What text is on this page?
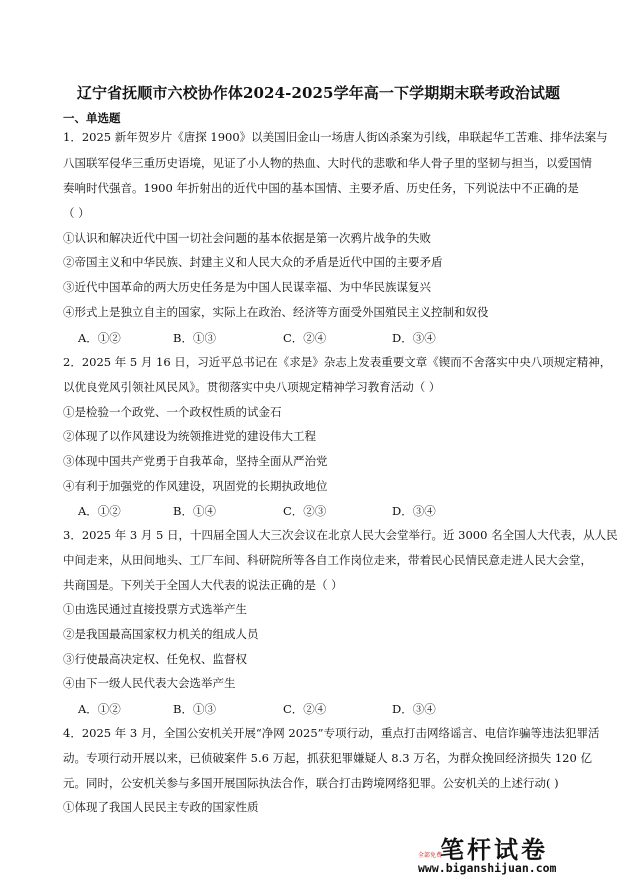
辽宁省抚顺市六校协作体2024-2025学年高一下学期期末联考政治试题
一、单选题
1．2025 新年贺岁片《唐探 1900》以美国旧金山一场唐人街凶杀案为引线，串联起华工苦难、排华法案与
八国联军侵华三重历史语境，见证了小人物的热血、大时代的悲歌和华人骨子里的坚韧与担当，以爱国情
奏响时代强音。1900 年折射出的近代中国的基本国情、主要矛盾、历史任务，下列说法中不正确的是
（ ）
①认识和解决近代中国一切社会问题的基本依据是第一次鸦片战争的失败
②帝国主义和中华民族、封建主义和人民大众的矛盾是近代中国的主要矛盾
③近代中国革命的两大历史任务是为中国人民谋幸福、为中华民族谋复兴
④形式上是独立自主的国家，实际上在政治、经济等方面受外国殖民主义控制和奴役
A．①②	B．①③	C．②④	D．③④
2．2025 年 5 月 16 日，习近平总书记在《求是》杂志上发表重要文章《锲而不舍落实中央八项规定精神，
以优良党风引领社风民风》。贯彻落实中央八项规定精神学习教育活动（ ）
①是检验一个政党、一个政权性质的试金石
②体现了以作风建设为统领推进党的建设伟大工程
③体现中国共产党勇于自我革命，坚持全面从严治党
④有利于加强党的作风建设，巩固党的长期执政地位
A．①②	B．①④	C．②③	D．③④
3．2025 年 3 月 5 日，十四届全国人大三次会议在北京人民大会堂举行。近 3000 名全国人大代表，从人民
中间走来，从田间地头、工厂车间、科研院所等各自工作岗位走来，带着民心民情民意走进人民大会堂，
共商国是。下列关于全国人大代表的说法正确的是（ ）
①由选民通过直接投票方式选举产生
②是我国最高国家权力机关的组成人员
③行使最高决定权、任免权、监督权
④由下一级人民代表大会选举产生
A．①②	B．①③	C．②④	D．③④
4．2025 年 3 月，全国公安机关开展“净网 2025”专项行动，重点打击网络谣言、电信诈骗等违法犯罪活
动。专项行动开展以来，已侦破案件 5.6 万起，抓获犯罪嫌疑人 8.3 万名，为群众挽回经济损失 120 亿
元。同时，公安机关参与多国开展国际执法合作，联合打击跨境网络犯罪。公安机关的上述行动( )
①体现了我国人民民主专政的国家性质
笔杆试卷
全部免费
www.biganshijuan.com
